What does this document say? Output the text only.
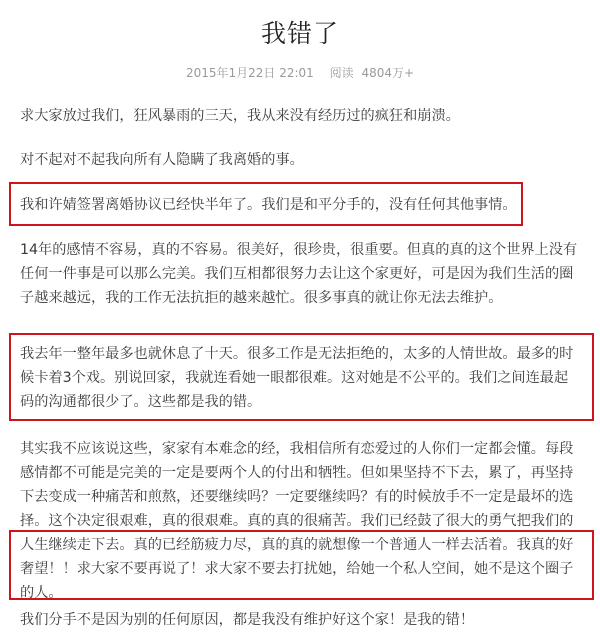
我错了
2015年1月22日 22:01 阅读 4804万+

求大家放过我们，狂风暴雨的三天，我从来没有经历过的疯狂和崩溃。

对不起对不起我向所有人隐瞒了我离婚的事。

我和许婧签署离婚协议已经快半年了。我们是和平分手的，没有任何其他事情。

14年的感情不容易，真的不容易。很美好，很珍贵，很重要。但真的真的这个世界上没有任何一件事是可以那么完美。我们互相都很努力去让这个家更好，可是因为我们生活的圈子越来越远，我的工作无法抗拒的越来越忙。很多事真的就让你无法去维护。

我去年一整年最多也就休息了十天。很多工作是无法拒绝的，太多的人情世故。最多的时候卡着3个戏。别说回家，我就连看她一眼都很难。这对她是不公平的。我们之间连最起码的沟通都很少了。这些都是我的错。

其实我不应该说这些，家家有本难念的经，我相信所有恋爱过的人你们一定都会懂。每段感情都不可能是完美的一定是要两个人的付出和牺牲。但如果坚持不下去，累了，再坚持下去变成一种痛苦和煎熬，还要继续吗？一定要继续吗？有的时候放手不一定是最坏的选择。这个决定很艰难，真的很艰难。真的真的很痛苦。我们已经鼓了很大的勇气把我们的人生继续走下去。真的已经筋疲力尽，真的真的就想像一个普通人一样去活着。我真的好奢望！！求大家不要再说了！求大家不要去打扰她，给她一个私人空间，她不是这个圈子的人。

我们分手不是因为别的任何原因，都是我没有维护好这个家！是我的错！
